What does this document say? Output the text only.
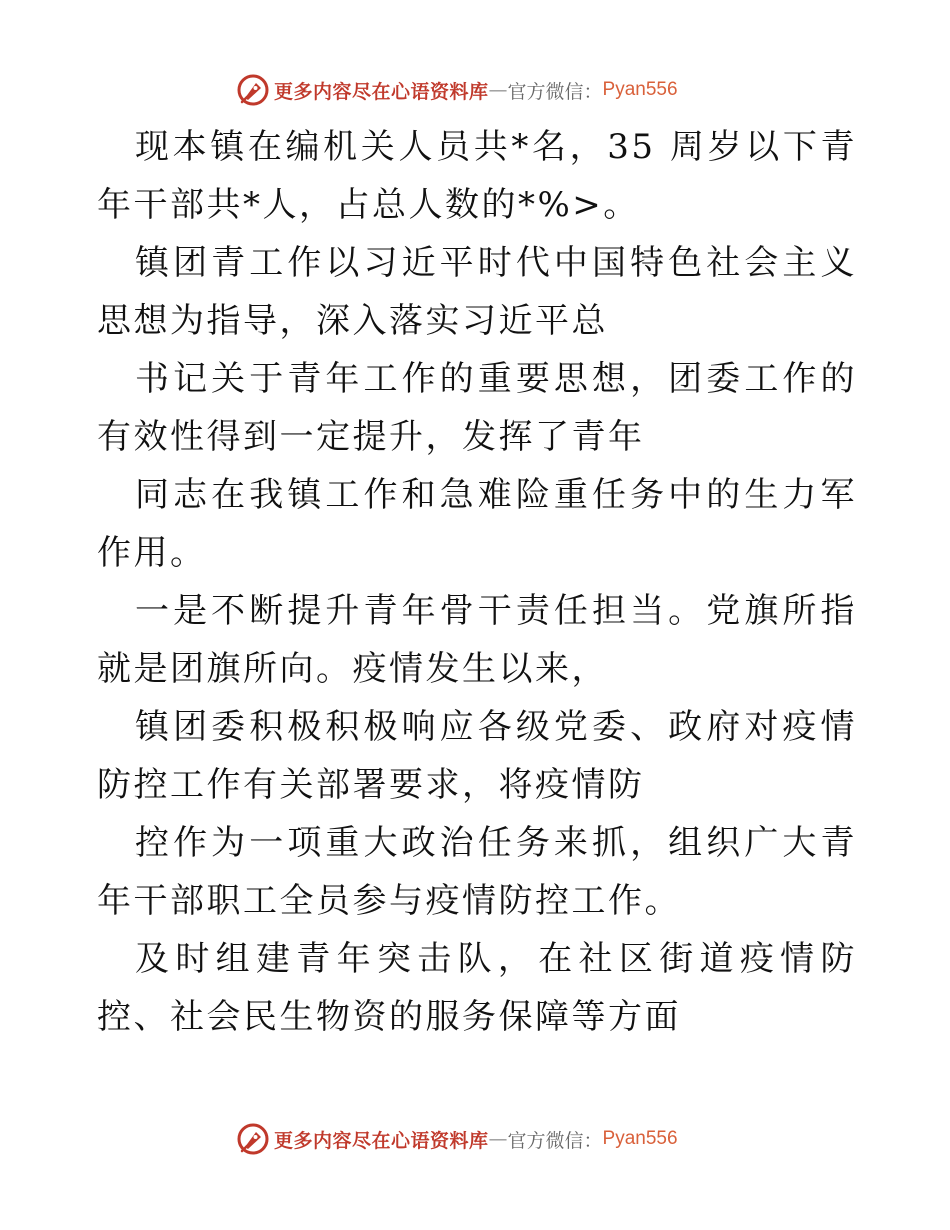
更多内容尽在心语资料库 — 官方微信： Pyan556

现本镇在编机关人员共*名，35 周岁以下青年干部共*人，占总人数的*%>。

镇团青工作以习近平时代中国特色社会主义思想为指导，深入落实习近平总

书记关于青年工作的重要思想，团委工作的有效性得到一定提升，发挥了青年

同志在我镇工作和急难险重任务中的生力军作用。

一是不断提升青年骨干责任担当。党旗所指就是团旗所向。疫情发生以来，

镇团委积极积极响应各级党委、政府对疫情防控工作有关部署要求，将疫情防

控作为一项重大政治任务来抓，组织广大青年干部职工全员参与疫情防控工作。

及时组建青年突击队，在社区街道疫情防控、社会民生物资的服务保障等方面

更多内容尽在心语资料库 — 官方微信： Pyan556
